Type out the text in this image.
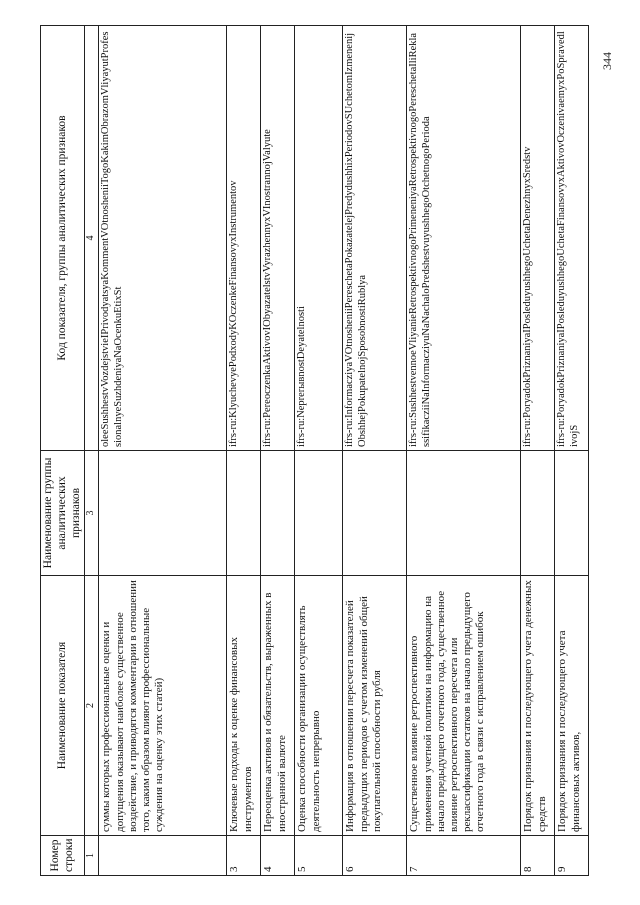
344
Номер строки	Наименование показателя	Наименование группы аналитических признаков	Код показателя, группы аналитических признаков
1	2	3	4
	суммы которых профессиональные оценки и допущения оказывают наиболее существенное воздействие, и приводятся комментарии в отношении того, каким образом влияют профессиональные суждения на оценку этих статей)		oleeSushhestvVozdejstvieIPrivodyatsyaKommentVOtnosheniiTogoKakimObrazomVliyayutProfessionalnyeSuzhdeniyaNaOcenkuEtixSt
3	Ключевые подходы к оценке финансовых инструментов		ifrs-ru:KlyuchevyePodxodyKOczenkeFinansovyxInstrumentov
4	Переоценка активов и обязательств, выраженных в иностранной валюте		ifrs-ru:PereoczenkaAktivovIObyazatelstvVyrazhennyxVInostrannojValyute
5	Оценка способности организации осуществлять деятельность непрерывно		ifrs-ru:NeprerывnostDeyatelnosti
6	Информация в отношении пересчета показателей предыдущих периодов с учетом изменений общей покупательной способности рубля		ifrs-ru:InformacziyaVOtnosheniiPereschetaPokazatelejPredydushhixPeriodovSUchetomIzmenenijObshhejPokupatelnojSposobnostiRublya
7	Существенное влияние ретроспективного применения учетной политики на информацию на начало предыдущего отчетного года, существенное влияние ретроспективного пересчета или реклассификации остатков на начало предыдущего отчетного года в связи с исправлением ошибок		ifrs-ru:SushhestvennoeVliyanieRetrospektivnogoPrimeneniyaRetrospektivnogoPereschetaIliReklassifikacziiNaInformacziyuNaNachaloPredshestvuyushhegoOtchetnogoPerioda
8	Порядок признания и последующего учета денежных средств		ifrs-ru:PoryadokPriznaniyaIPosleduyushhegoUchetaDenezhnyxSredstv
9	Порядок признания и последующего учета финансовых активов,		ifrs-ru:PoryadokPriznaniyaIPosleduyushhegoUchetaFinansovyxAktivovOczenivaemyxPoSpravedlivojS
